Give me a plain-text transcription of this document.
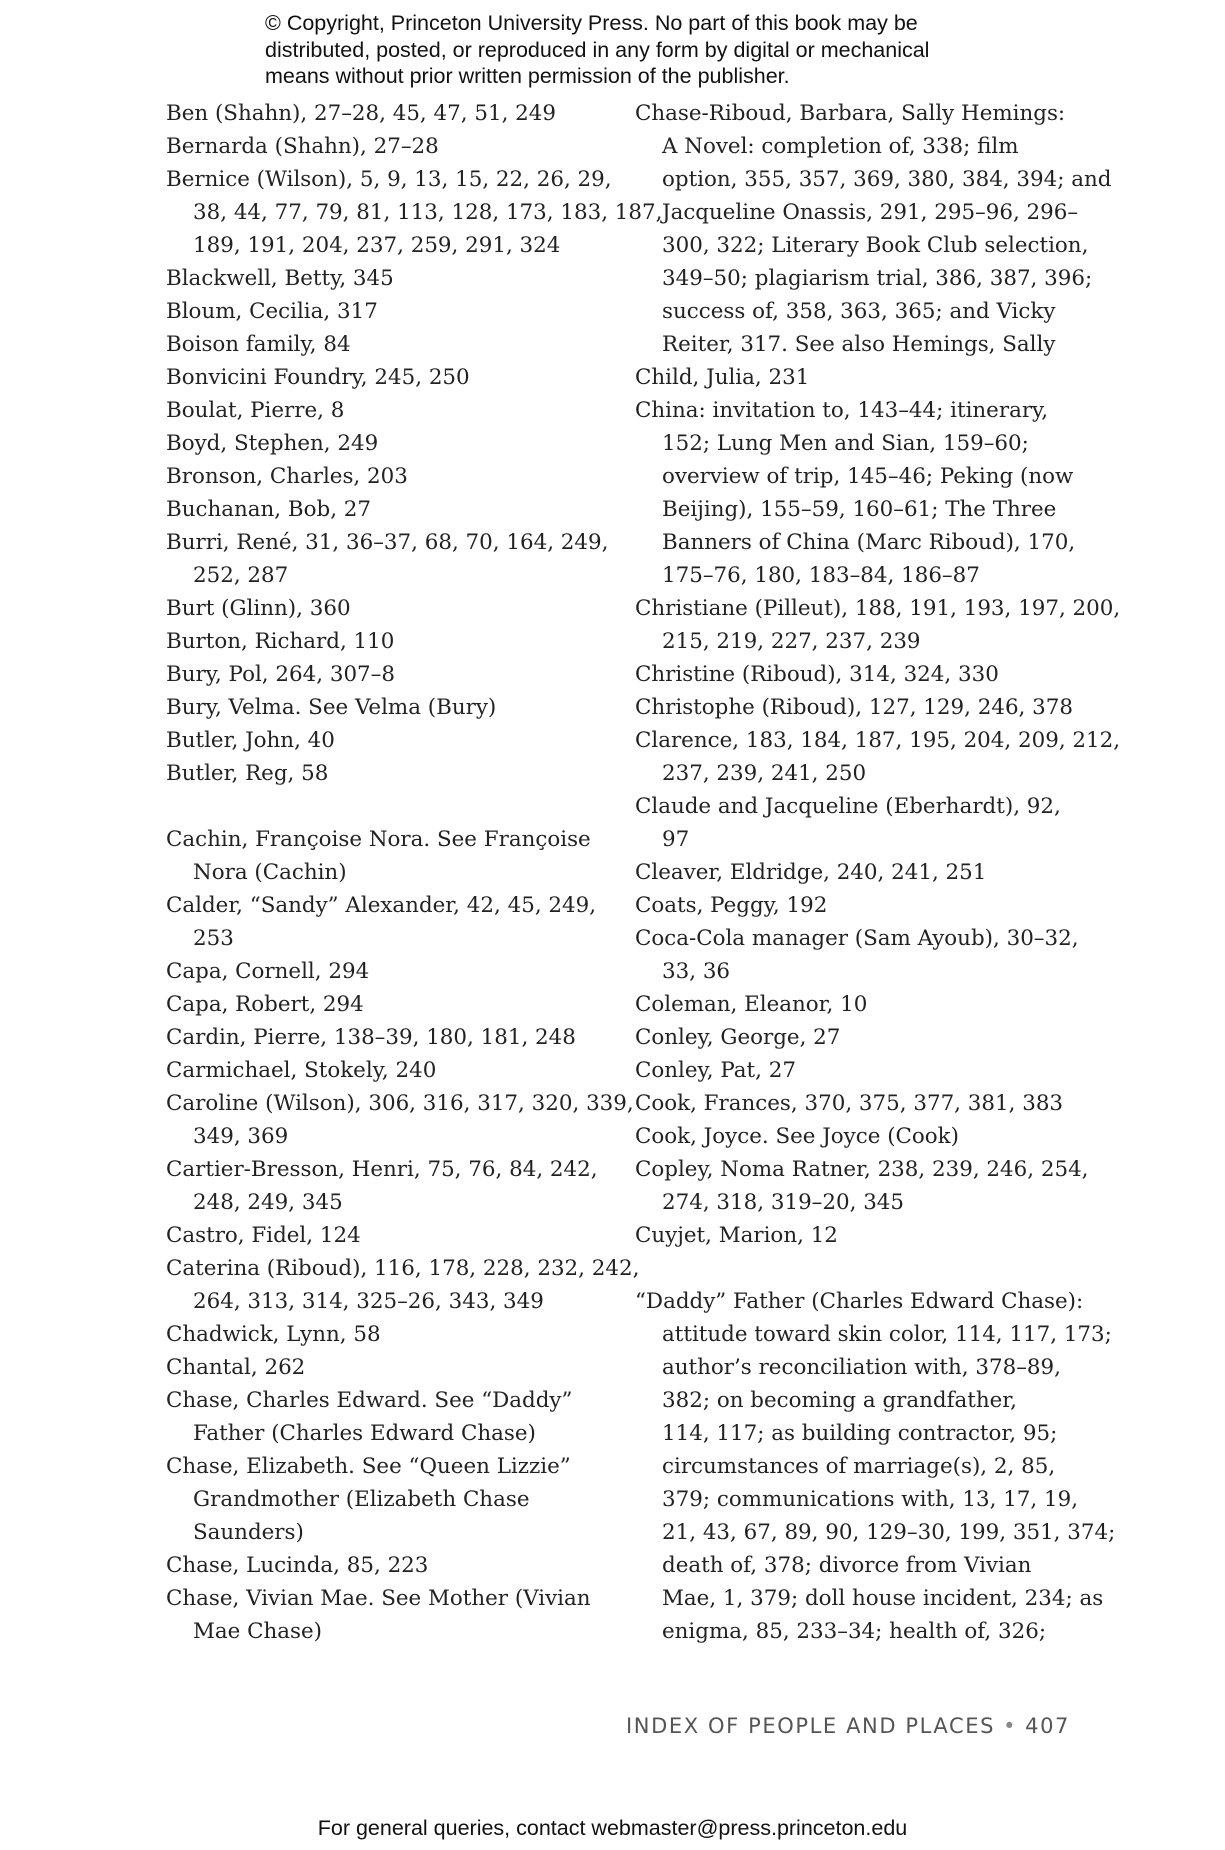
© Copyright, Princeton University Press. No part of this book may be
distributed, posted, or reproduced in any form by digital or mechanical
means without prior written permission of the publisher.
Ben (Shahn), 27–28, 45, 47, 51, 249
Bernarda (Shahn), 27–28
Bernice (Wilson), 5, 9, 13, 15, 22, 26, 29,
38, 44, 77, 79, 81, 113, 128, 173, 183, 187,
189, 191, 204, 237, 259, 291, 324
Blackwell, Betty, 345
Bloum, Cecilia, 317
Boison family, 84
Bonvicini Foundry, 245, 250
Boulat, Pierre, 8
Boyd, Stephen, 249
Bronson, Charles, 203
Buchanan, Bob, 27
Burri, René, 31, 36–37, 68, 70, 164, 249,
252, 287
Burt (Glinn), 360
Burton, Richard, 110
Bury, Pol, 264, 307–8
Bury, Velma. See Velma (Bury)
Butler, John, 40
Butler, Reg, 58
Cachin, Françoise Nora. See Françoise
Nora (Cachin)
Calder, “Sandy” Alexander, 42, 45, 249,
253
Capa, Cornell, 294
Capa, Robert, 294
Cardin, Pierre, 138–39, 180, 181, 248
Carmichael, Stokely, 240
Caroline (Wilson), 306, 316, 317, 320, 339,
349, 369
Cartier-Bresson, Henri, 75, 76, 84, 242,
248, 249, 345
Castro, Fidel, 124
Caterina (Riboud), 116, 178, 228, 232, 242,
264, 313, 314, 325–26, 343, 349
Chadwick, Lynn, 58
Chantal, 262
Chase, Charles Edward. See “Daddy”
Father (Charles Edward Chase)
Chase, Elizabeth. See “Queen Lizzie”
Grandmother (Elizabeth Chase
Saunders)
Chase, Lucinda, 85, 223
Chase, Vivian Mae. See Mother (Vivian
Mae Chase)
Chase-Riboud, Barbara, Sally Hemings:
A Novel: completion of, 338; film
option, 355, 357, 369, 380, 384, 394; and
Jacqueline Onassis, 291, 295–96, 296–
300, 322; Literary Book Club selection,
349–50; plagiarism trial, 386, 387, 396;
success of, 358, 363, 365; and Vicky
Reiter, 317. See also Hemings, Sally
Child, Julia, 231
China: invitation to, 143–44; itinerary,
152; Lung Men and Sian, 159–60;
overview of trip, 145–46; Peking (now
Beijing), 155–59, 160–61; The Three
Banners of China (Marc Riboud), 170,
175–76, 180, 183–84, 186–87
Christiane (Pilleut), 188, 191, 193, 197, 200,
215, 219, 227, 237, 239
Christine (Riboud), 314, 324, 330
Christophe (Riboud), 127, 129, 246, 378
Clarence, 183, 184, 187, 195, 204, 209, 212,
237, 239, 241, 250
Claude and Jacqueline (Eberhardt), 92,
97
Cleaver, Eldridge, 240, 241, 251
Coats, Peggy, 192
Coca-Cola manager (Sam Ayoub), 30–32,
33, 36
Coleman, Eleanor, 10
Conley, George, 27
Conley, Pat, 27
Cook, Frances, 370, 375, 377, 381, 383
Cook, Joyce. See Joyce (Cook)
Copley, Noma Ratner, 238, 239, 246, 254,
274, 318, 319–20, 345
Cuyjet, Marion, 12
“Daddy” Father (Charles Edward Chase):
attitude toward skin color, 114, 117, 173;
author’s reconciliation with, 378–89,
382; on becoming a grandfather,
114, 117; as building contractor, 95;
circumstances of marriage(s), 2, 85,
379; communications with, 13, 17, 19,
21, 43, 67, 89, 90, 129–30, 199, 351, 374;
death of, 378; divorce from Vivian
Mae, 1, 379; doll house incident, 234; as
enigma, 85, 233–34; health of, 326;
INDEX OF PEOPLE AND PLACES • 407
For general queries, contact webmaster@press.princeton.edu
